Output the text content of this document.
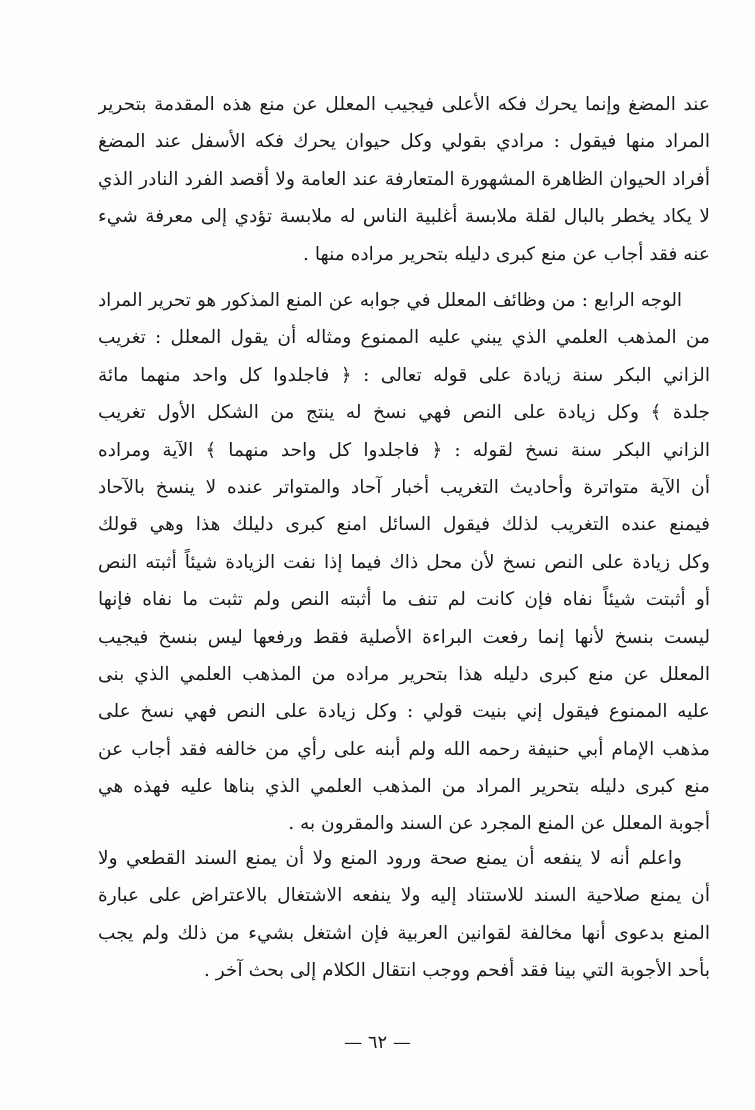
عند المضغ وإنما يحرك فكه الأعلى فيجيب المعلل عن منع هذه المقدمة بتحرير
المراد منها فيقول : مرادي بقولي وكل حيوان يحرك فكه الأسفل عند المضغ
أفراد الحيوان الظاهرة المشهورة المتعارفة عند العامة ولا أقصد الفرد النادر الذي
لا يكاد يخطر بالبال لقلة ملابسة أغلبية الناس له ملابسة تؤدي إلى معرفة شيء
عنه فقد أجاب عن منع كبرى دليله بتحرير مراده منها .
الوجه الرابع : من وظائف المعلل في جوابه عن المنع المذكور هو تحرير المراد
من المذهب العلمي الذي يبني عليه الممنوع ومثاله أن يقول المعلل : تغريب
الزاني البكر سنة زيادة على قوله تعالى : ﴿ فاجلدوا كل واحد منهما مائة
جلدة ﴾ وكل زيادة على النص فهي نسخ له ينتج من الشكل الأول تغريب
الزاني البكر سنة نسخ لقوله : ﴿ فاجلدوا كل واحد منهما ﴾ الآية ومراده
أن الآية متواترة وأحاديث التغريب أخبار آحاد والمتواتر عنده لا ينسخ بالآحاد
فيمنع عنده التغريب لذلك فيقول السائل امنع كبرى دليلك هذا وهي قولك
وكل زيادة على النص نسخ لأن محل ذاك فيما إذا نفت الزيادة شيئاً أثبته النص
أو أثبتت شيئاً نفاه فإن كانت لم تنف ما أثبته النص ولم تثبت ما نفاه فإنها
ليست بنسخ لأنها إنما رفعت البراءة الأصلية فقط ورفعها ليس بنسخ فيجيب
المعلل عن منع كبرى دليله هذا بتحرير مراده من المذهب العلمي الذي بنى
عليه الممنوع فيقول إني بنيت قولي : وكل زيادة على النص فهي نسخ على
مذهب الإمام أبي حنيفة رحمه الله ولم أبنه على رأي من خالفه فقد أجاب عن
منع كبرى دليله بتحرير المراد من المذهب العلمي الذي بناها عليه فهذه هي
أجوبة المعلل عن المنع المجرد عن السند والمقرون به .
واعلم أنه لا ينفعه أن يمنع صحة ورود المنع ولا أن يمنع السند القطعي ولا
أن يمنع صلاحية السند للاستناد إليه ولا ينفعه الاشتغال بالاعتراض على عبارة
المنع بدعوى أنها مخالفة لقوانين العربية فإن اشتغل بشيء من ذلك ولم يجب
بأحد الأجوبة التي بينا فقد أفحم ووجب انتقال الكلام إلى بحث آخر .
— ٦٢ —
